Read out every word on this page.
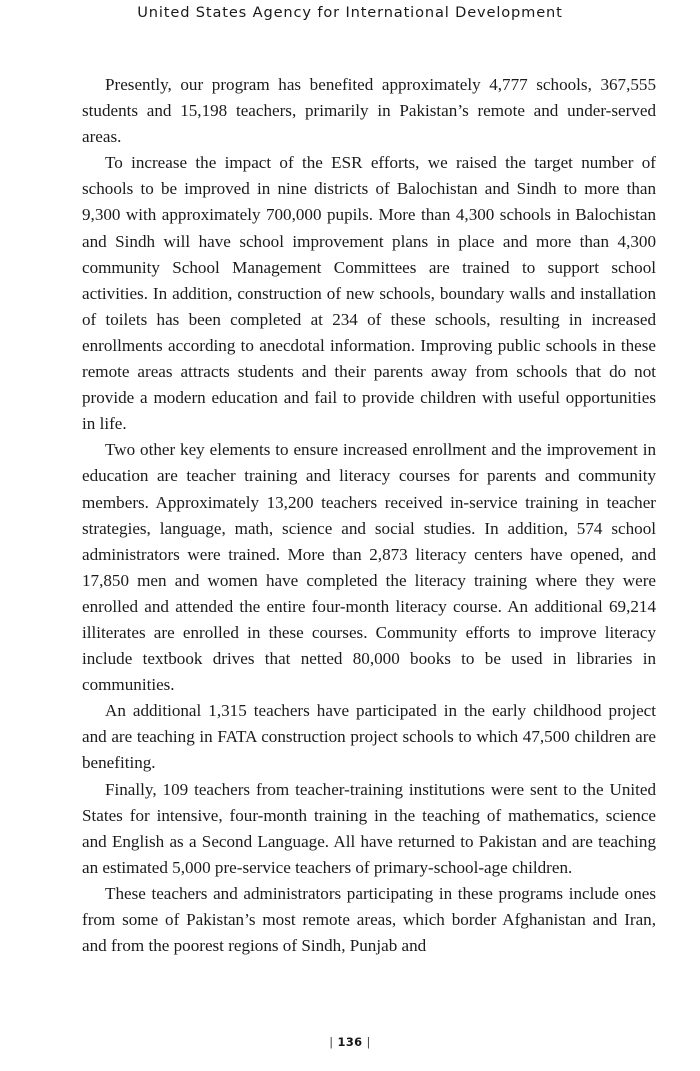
United States Agency for International Development

Presently, our program has benefited approximately 4,777 schools, 367,555 students and 15,198 teachers, primarily in Pakistan’s remote and under-served areas.

To increase the impact of the ESR efforts, we raised the target number of schools to be improved in nine districts of Balochistan and Sindh to more than 9,300 with approximately 700,000 pupils. More than 4,300 schools in Balochistan and Sindh will have school improvement plans in place and more than 4,300 community School Management Committees are trained to support school activities. In addition, construction of new schools, boundary walls and installation of toilets has been completed at 234 of these schools, resulting in increased enrollments according to anecdotal information. Improving public schools in these remote areas attracts students and their parents away from schools that do not provide a modern education and fail to provide children with useful opportunities in life.

Two other key elements to ensure increased enrollment and the improvement in education are teacher training and literacy courses for parents and community members. Approximately 13,200 teachers received in-service training in teacher strategies, language, math, science and social studies. In addition, 574 school administrators were trained. More than 2,873 literacy centers have opened, and 17,850 men and women have completed the literacy training where they were enrolled and attended the entire four-month literacy course. An additional 69,214 illiterates are enrolled in these courses. Community efforts to improve literacy include textbook drives that netted 80,000 books to be used in libraries in communities.

An additional 1,315 teachers have participated in the early childhood project and are teaching in FATA construction project schools to which 47,500 children are benefiting.

Finally, 109 teachers from teacher-training institutions were sent to the United States for intensive, four-month training in the teaching of mathematics, science and English as a Second Language. All have returned to Pakistan and are teaching an estimated 5,000 pre-service teachers of primary-school-age children.

These teachers and administrators participating in these programs include ones from some of Pakistan’s most remote areas, which border Afghanistan and Iran, and from the poorest regions of Sindh, Punjab and

| 136 |
